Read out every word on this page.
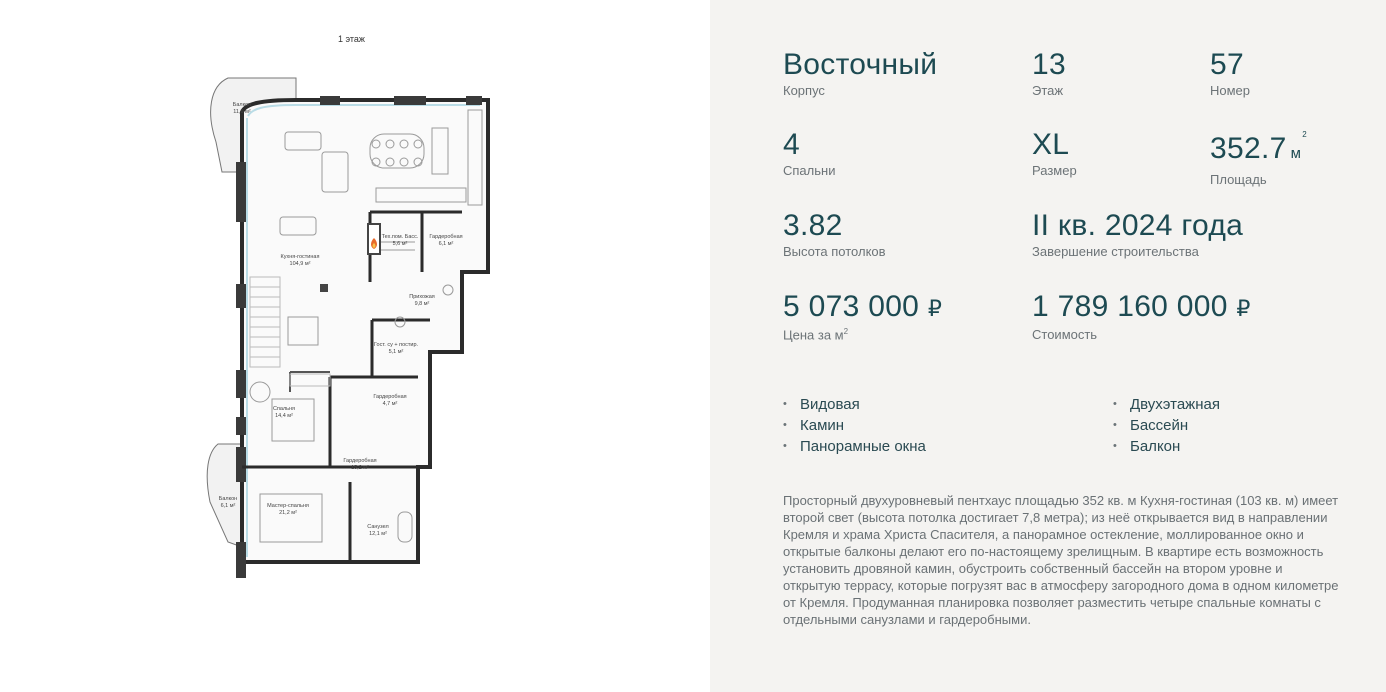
1 этаж
Балкон
11,9 м²
Кухня-гостиная
104,9 м²
Тех.пом. Басс.
5,6 м²
Гардеробная
6,1 м²
Прихожая
9,8 м²
Гост. су + постир.
5,1 м²
Гардеробная
4,7 м²
Спальня
14,4 м²
Гардеробная
15,2 м²
Балкон
6,1 м²	Мастер-спальня
21,2 м²
Санузел
12,1 м²
Восточный
Корпус
13
Этаж
57
Номер
4
Спальни
XL
Размер
352.7 $м^2$
Площадь
3.82
Высота потолков
II кв. 2024 года
Завершение строительства
5 073 000 ₽
Цена за $м^2$
1 789 160 000 ₽
Стоимость
• Видовая
• Камин
• Панорамные окна
• Двухэтажная
• Бассейн
• Балкон

Просторный двухуровневый пентхаус площадью 352 кв. м Кухня-гостиная (103 кв. м) имеет второй свет (высота потолка достигает 7,8 метра); из неё открывается вид в направлении Кремля и храма Христа Спасителя, а панорамное остекление, моллированное окно и открытые балконы делают его по-настоящему зрелищным. В квартире есть возможность установить дровяной камин, обустроить собственный бассейн на втором уровне и открытую террасу, которые погрузят вас в атмосферу загородного дома в одном километре от Кремля. Продуманная планировка позволяет разместить четыре спальные комнаты с отдельными санузлами и гардеробными.
